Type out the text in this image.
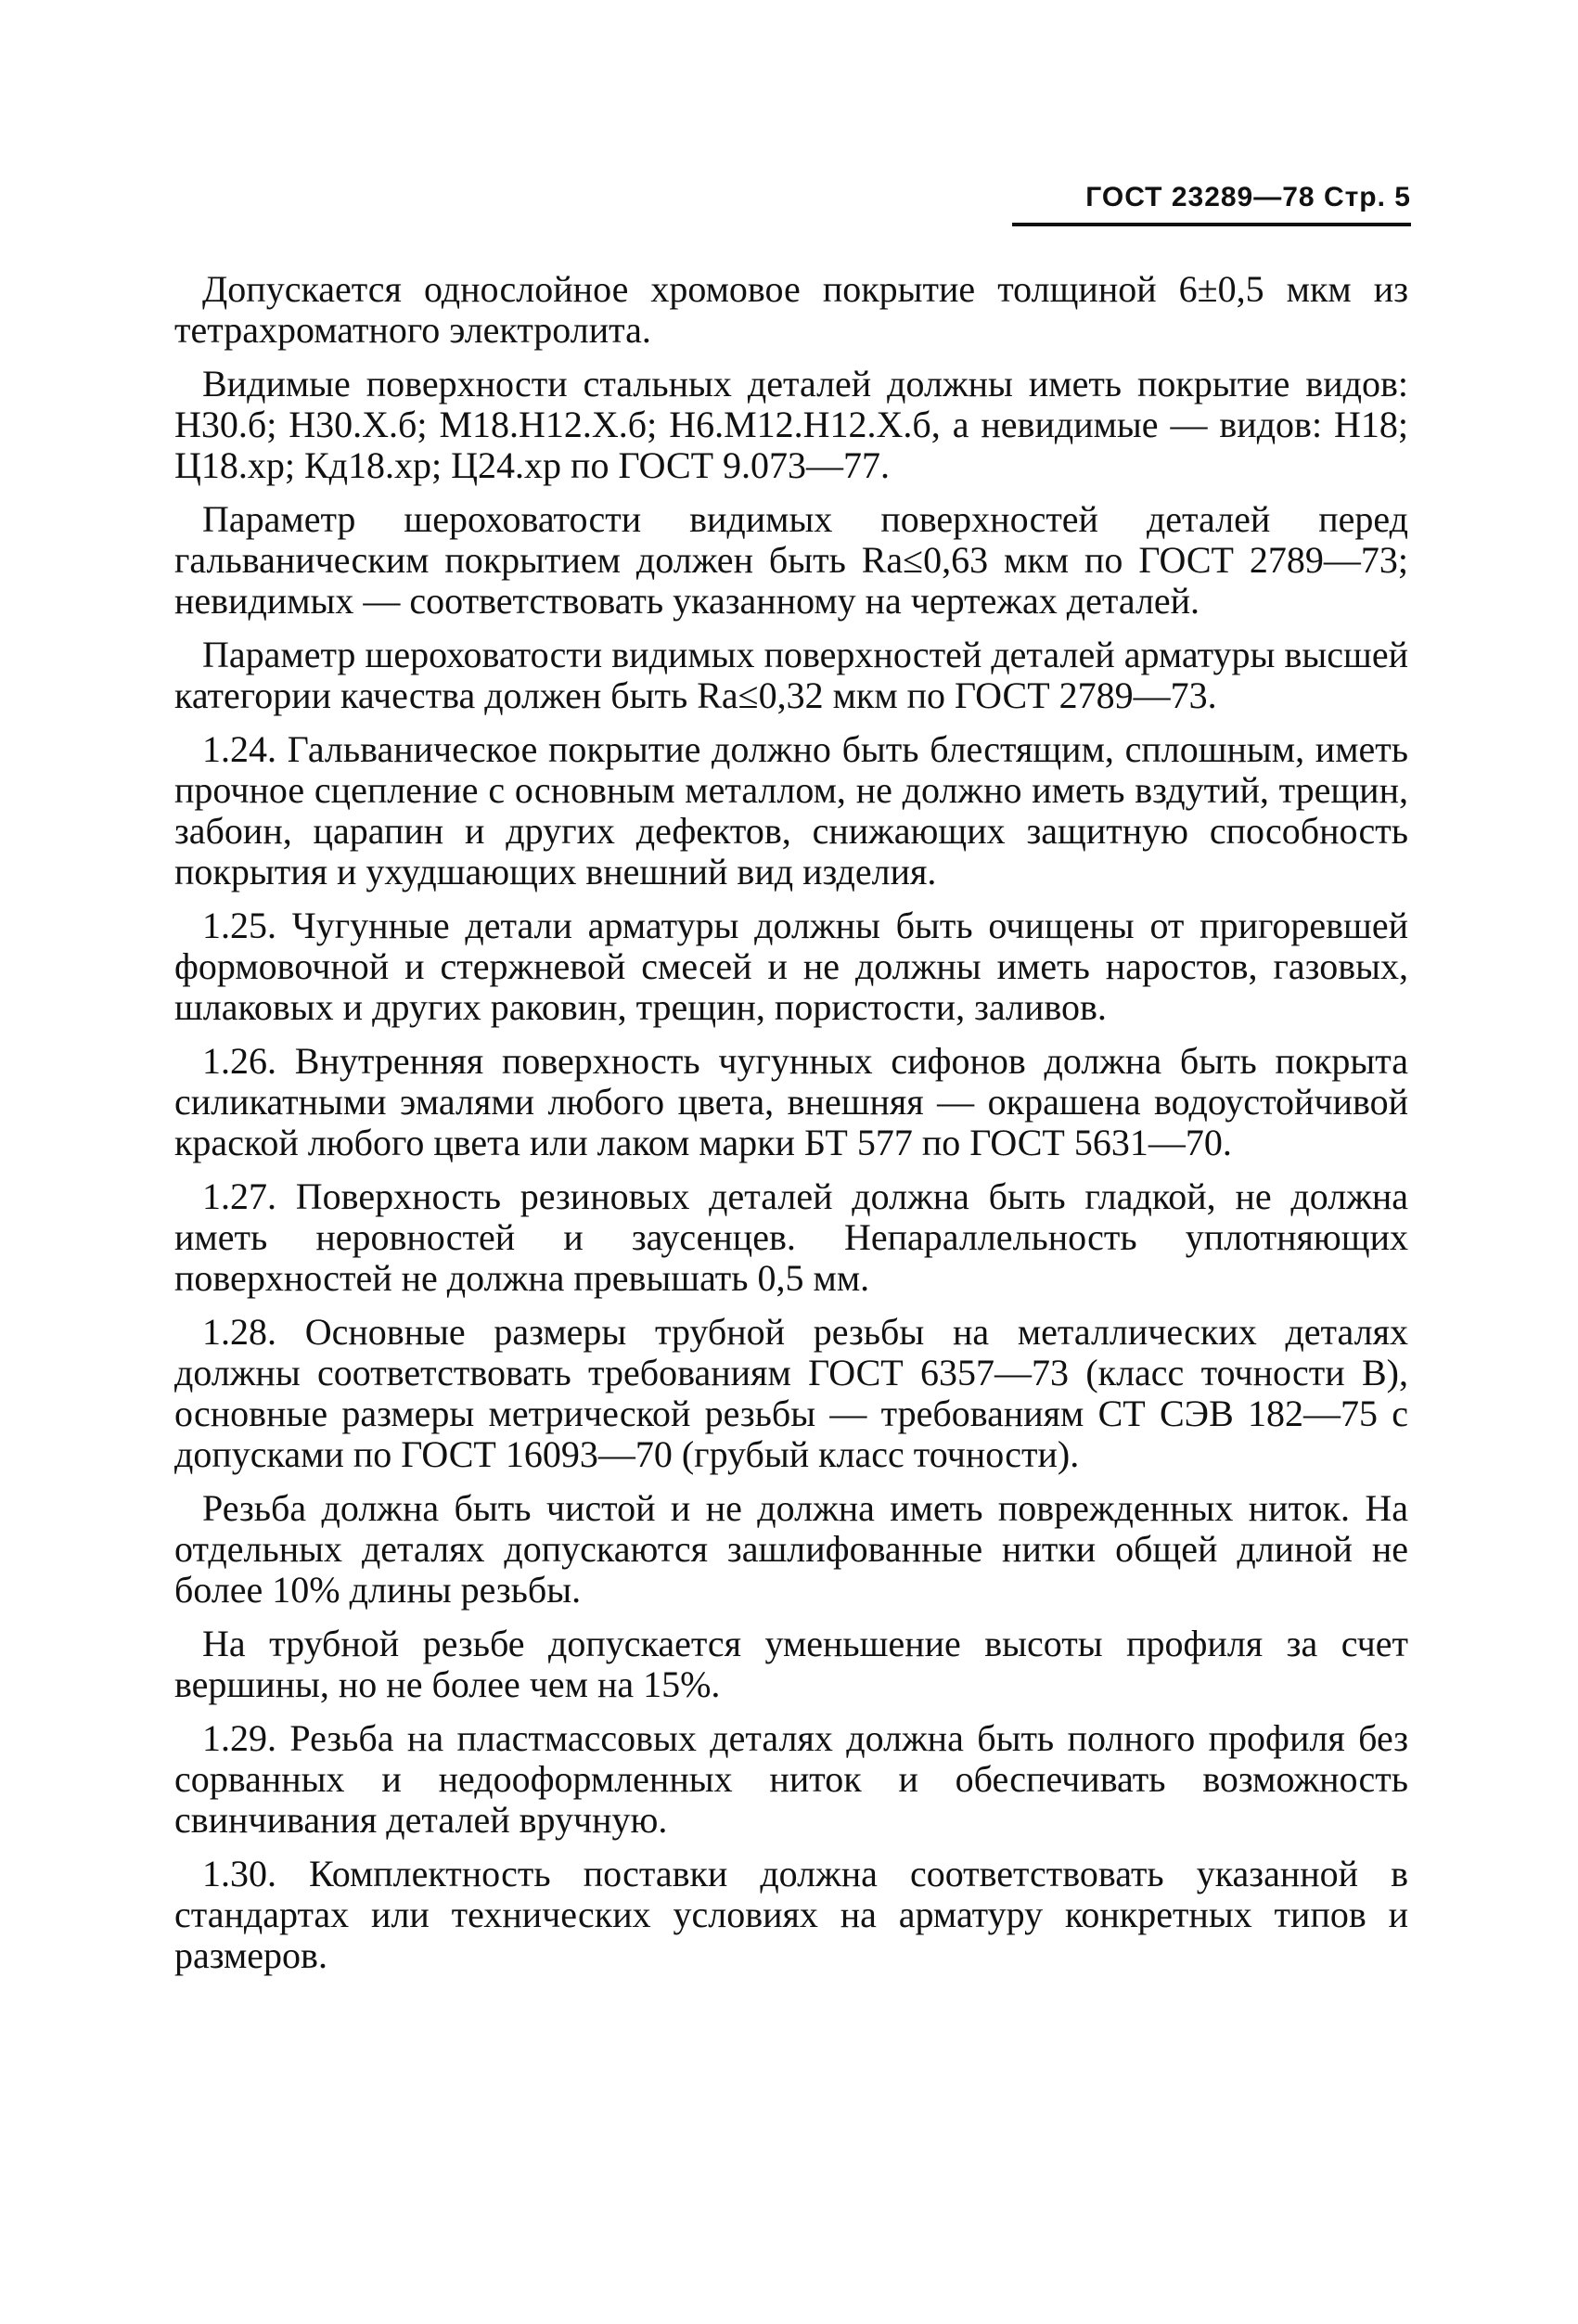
ГОСТ 23289—78 Стр. 5

Допускается однослойное хромовое покрытие толщиной 6±0,5 мкм из тетрахроматного электролита.

Видимые поверхности стальных деталей должны иметь покрытие видов: Н30.б; Н30.Х.б; М18.Н12.Х.б; Н6.М12.Н12.Х.б, а невидимые — видов: Н18; Ц18.хр; Кд18.хр; Ц24.хр по ГОСТ 9.073—77.

Параметр шероховатости видимых поверхностей деталей перед гальваническим покрытием должен быть Ra≤0,63 мкм по ГОСТ 2789—73; невидимых — соответствовать указанному на чертежах деталей.

Параметр шероховатости видимых поверхностей деталей арматуры высшей категории качества должен быть Ra≤0,32 мкм по ГОСТ 2789—73.

1.24. Гальваническое покрытие должно быть блестящим, сплошным, иметь прочное сцепление с основным металлом, не должно иметь вздутий, трещин, забоин, царапин и других дефектов, снижающих защитную способность покрытия и ухудшающих внешний вид изделия.

1.25. Чугунные детали арматуры должны быть очищены от пригоревшей формовочной и стержневой смесей и не должны иметь наростов, газовых, шлаковых и других раковин, трещин, пористости, заливов.

1.26. Внутренняя поверхность чугунных сифонов должна быть покрыта силикатными эмалями любого цвета, внешняя — окрашена водоустойчивой краской любого цвета или лаком марки БТ 577 по ГОСТ 5631—70.

1.27. Поверхность резиновых деталей должна быть гладкой, не должна иметь неровностей и заусенцев. Непараллельность уплотняющих поверхностей не должна превышать 0,5 мм.

1.28. Основные размеры трубной резьбы на металлических деталях должны соответствовать требованиям ГОСТ 6357—73 (класс точности В), основные размеры метрической резьбы — требованиям СТ СЭВ 182—75 с допусками по ГОСТ 16093—70 (грубый класс точности).

Резьба должна быть чистой и не должна иметь поврежденных ниток. На отдельных деталях допускаются зашлифованные нитки общей длиной не более 10% длины резьбы.

На трубной резьбе допускается уменьшение высоты профиля за счет вершины, но не более чем на 15%.

1.29. Резьба на пластмассовых деталях должна быть полного профиля без сорванных и недооформленных ниток и обеспечивать возможность свинчивания деталей вручную.

1.30. Комплектность поставки должна соответствовать указанной в стандартах или технических условиях на арматуру конкретных типов и размеров.
